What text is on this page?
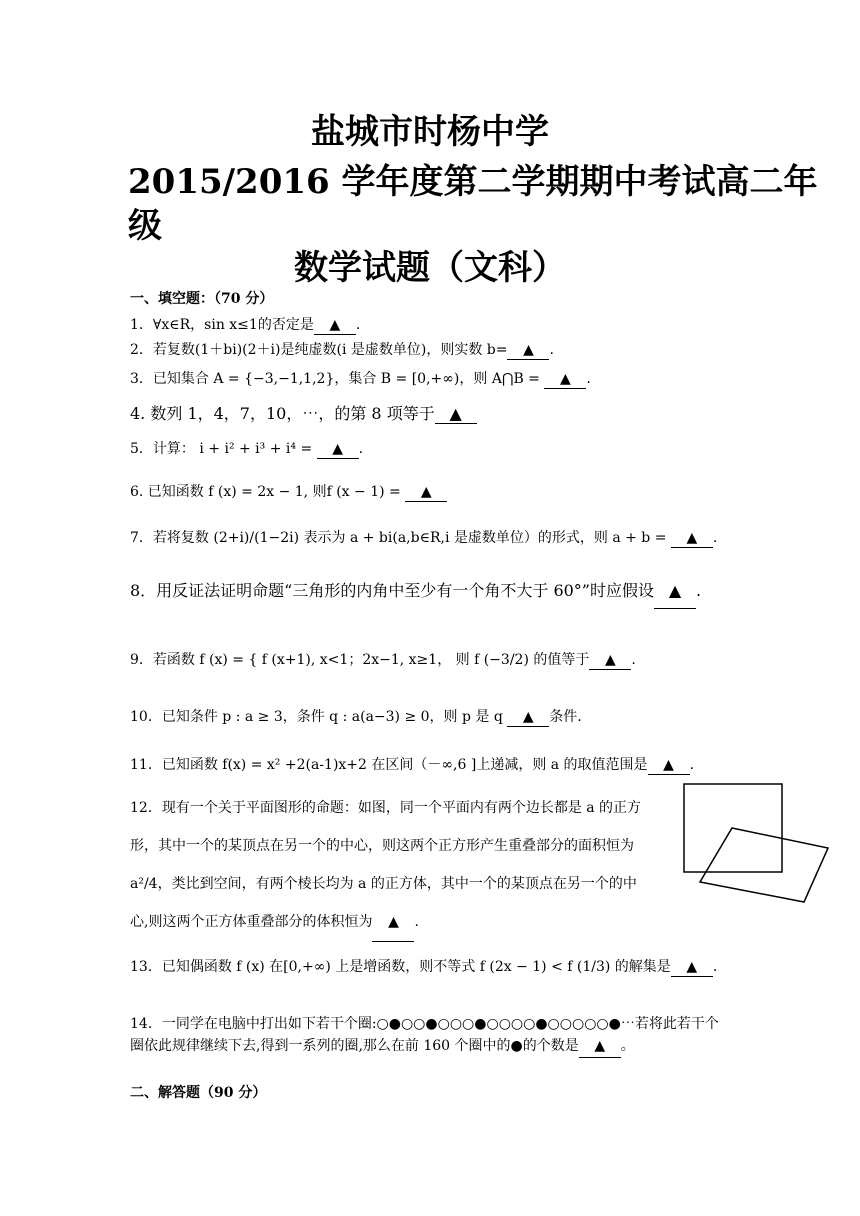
盐城市时杨中学
2015/2016 学年度第二学期期中考试高二年
级
数学试题（文科）
一、填空题：（70 分）
1．∀x∈R，sin x≤1的否定是 ▲ .
2．若复数(1＋bi)(2＋i)是纯虚数(i 是虚数单位)，则实数 b= ▲ .
3．已知集合 A = {−3,−1,1,2}，集合 B = [0,+∞)，则 A⋂B = ▲ .
4. 数列 1，4，7，10，⋯，的第 8 项等于 ▲
5．计算： i + i² + i³ + i⁴ = ▲ .
6. 已知函数 f (x) = 2x − 1, 则f (x − 1) = ▲
7．若将复数 (2+i)/(1−2i) 表示为 a + bi(a,b∈R,i 是虚数单位）的形式，则 a + b = ▲ .
8．用反证法证明命题“三角形的内角中至少有一个角不大于 60°”时应假设 ▲ .
9．若函数 f (x) = { f (x+1), x<1；2x−1, x≥1， 则 f (−3/2) 的值等于 ▲ .
10．已知条件 p : a ≥ 3，条件 q : a(a−3) ≥ 0，则 p 是 q ▲ 条件.
11．已知函数 f(x) = x² +2(a-1)x+2 在区间（－∞,6 ]上递减，则 a 的取值范围是 ▲ .
12．现有一个关于平面图形的命题：如图，同一个平面内有两个边长都是 a 的正方形，其中一个的某顶点在另一个的中心，则这两个正方形产生重叠部分的面积恒为 a²/4，类比到空间，有两个棱长均为 a 的正方体，其中一个的某顶点在另一个的中心,则这两个正方体重叠部分的体积恒为 ▲ .
13．已知偶函数 f (x) 在[0,+∞) 上是增函数，则不等式 f (2x − 1) < f (1/3) 的解集是 ▲ .
14．一同学在电脑中打出如下若干个圈:○●○○●○○○●○○○○●○○○○○●⋯若将此若干个圈依此规律继续下去,得到一系列的圈,那么在前 160 个圈中的●的个数是 ▲ 。
二、解答题（90 分）
